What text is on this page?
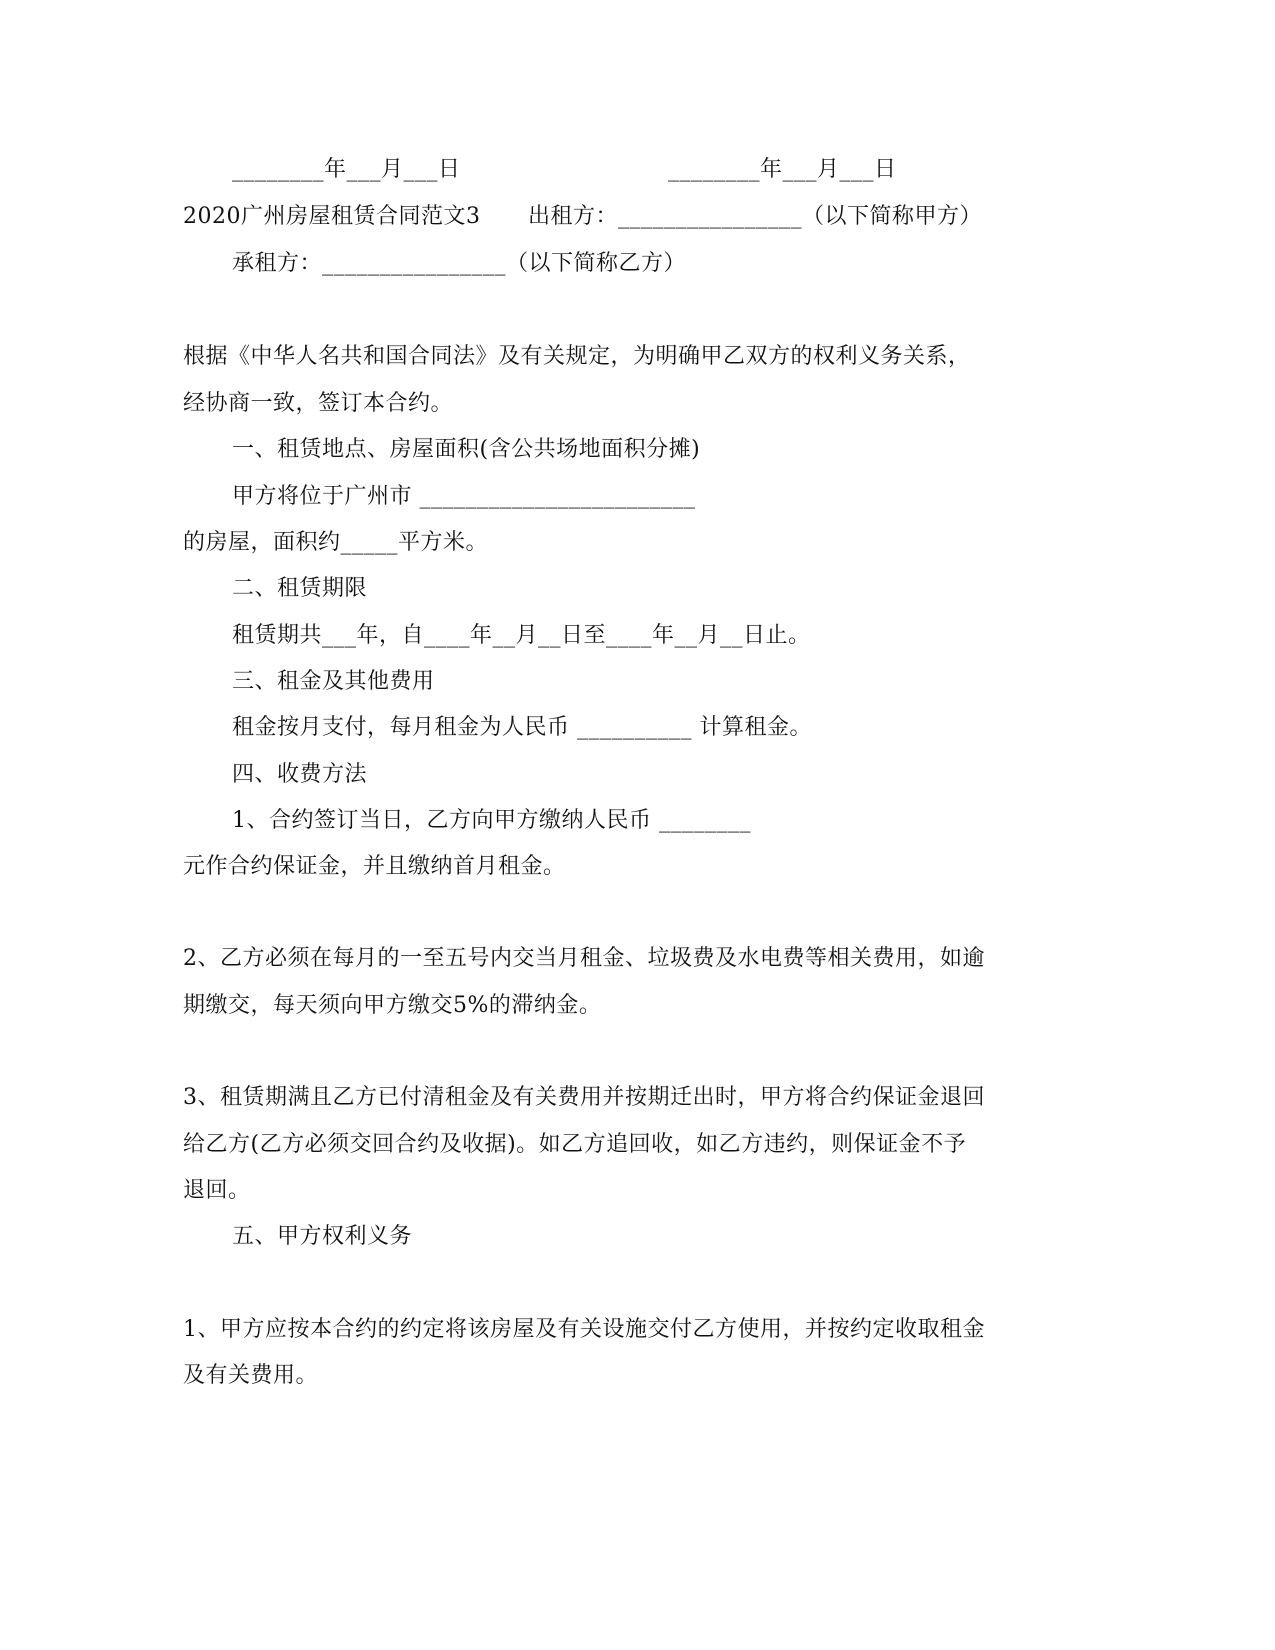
________年___月___日	________年___月___日
2020广州房屋租赁合同范文3 出租方：________________（以下简称甲方）
承租方：________________（以下简称乙方）
根据《中华人名共和国合同法》及有关规定，为明确甲乙双方的权利义务关系，
经协商一致，签订本合约。
一、租赁地点、房屋面积(含公共场地面积分摊)
甲方将位于广州市 ________________________
的房屋，面积约_____平方米。
二、租赁期限
租赁期共___年，自____年__月__日至____年__月__日止。
三、租金及其他费用
租金按月支付，每月租金为人民币 __________ 计算租金。
四、收费方法
1、合约签订当日，乙方向甲方缴纳人民币 ________
元作合约保证金，并且缴纳首月租金。
2、乙方必须在每月的一至五号内交当月租金、垃圾费及水电费等相关费用，如逾
期缴交，每天须向甲方缴交5%的滞纳金。
3、租赁期满且乙方已付清租金及有关费用并按期迁出时，甲方将合约保证金退回
给乙方(乙方必须交回合约及收据)。如乙方追回收，如乙方违约，则保证金不予
退回。
五、甲方权利义务
1、甲方应按本合约的约定将该房屋及有关设施交付乙方使用，并按约定收取租金
及有关费用。
